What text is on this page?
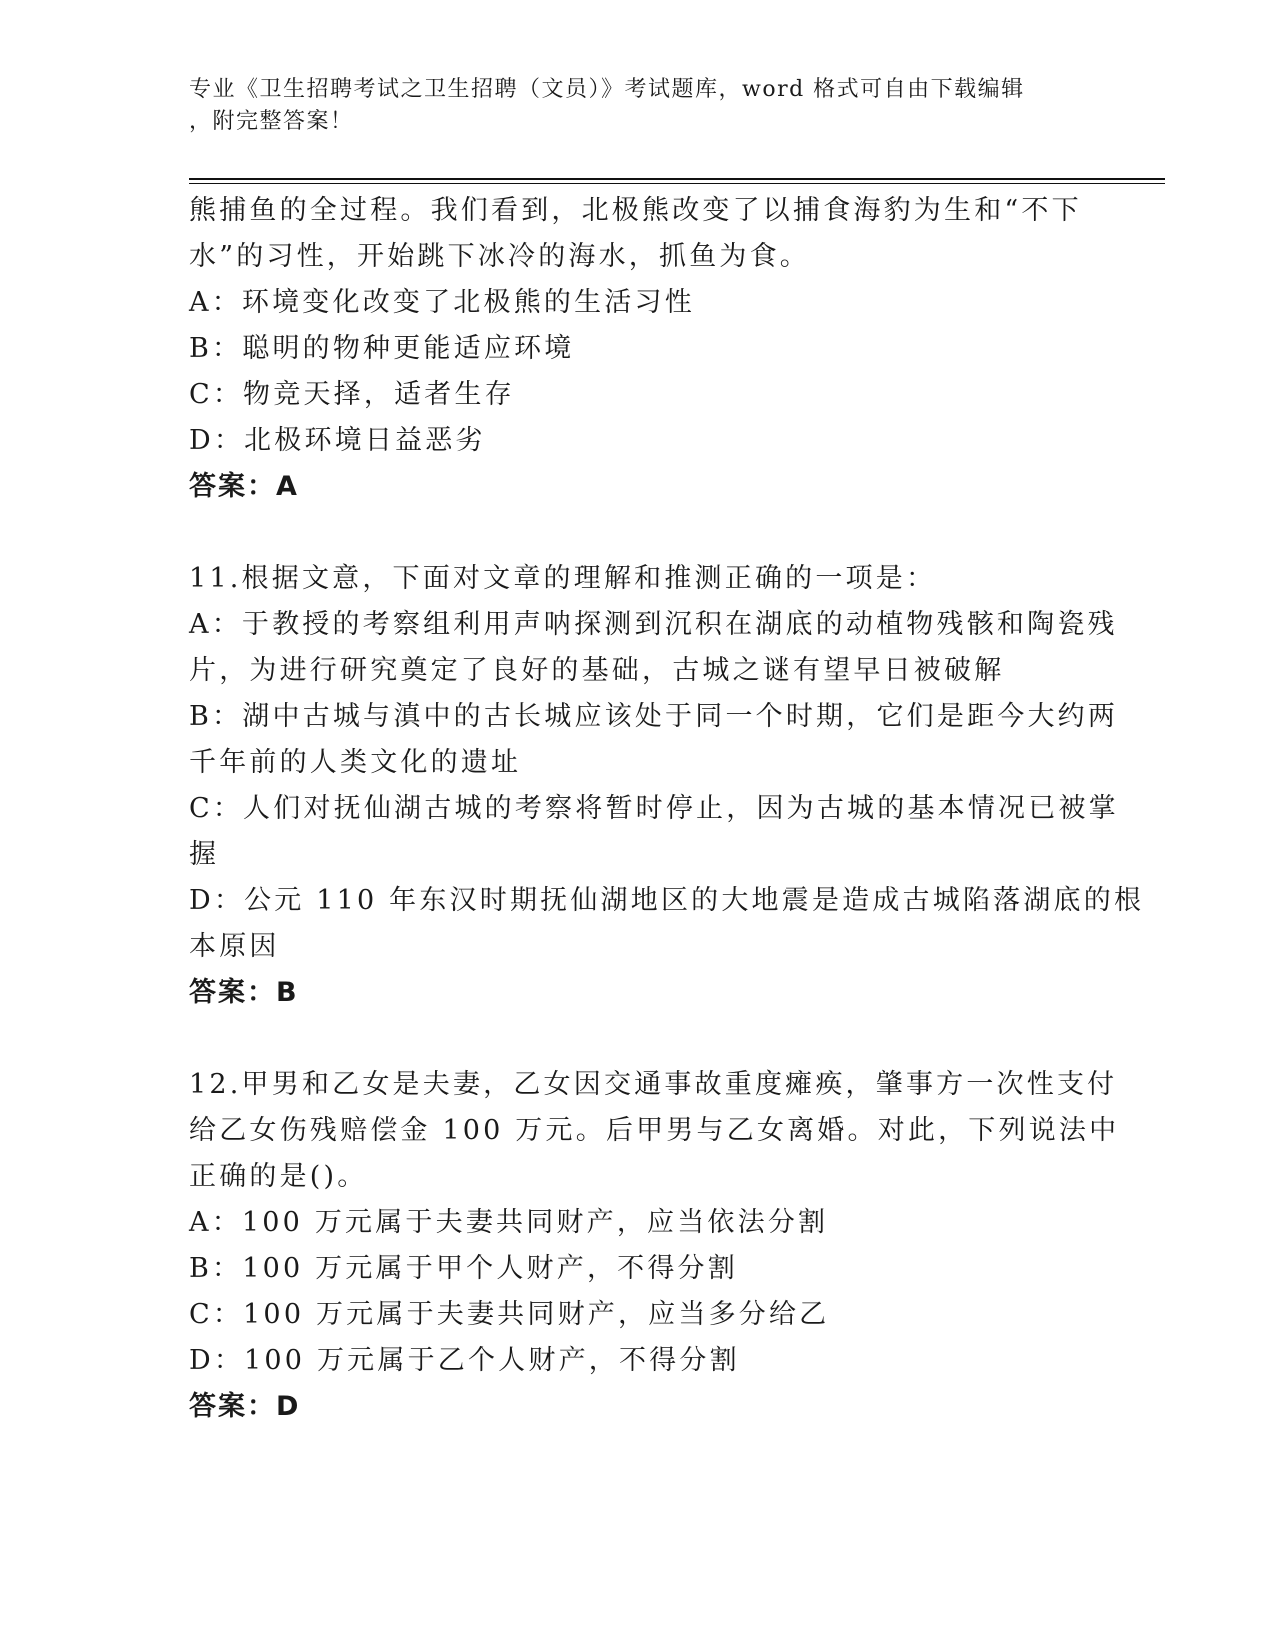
专业《卫生招聘考试之卫生招聘（文员）》考试题库，word 格式可自由下载编辑
，附完整答案！
熊捕鱼的全过程。我们看到，北极熊改变了以捕食海豹为生和“不下
水”的习性，开始跳下冰冷的海水，抓鱼为食。
A：环境变化改变了北极熊的生活习性
B：聪明的物种更能适应环境
C：物竞天择，适者生存
D：北极环境日益恶劣
答案：A
11.根据文意，下面对文章的理解和推测正确的一项是：
A：于教授的考察组利用声呐探测到沉积在湖底的动植物残骸和陶瓷残
片，为进行研究奠定了良好的基础，古城之谜有望早日被破解
B：湖中古城与滇中的古长城应该处于同一个时期，它们是距今大约两
千年前的人类文化的遗址
C：人们对抚仙湖古城的考察将暂时停止，因为古城的基本情况已被掌
握
D：公元 110 年东汉时期抚仙湖地区的大地震是造成古城陷落湖底的根
本原因
答案：B
12.甲男和乙女是夫妻，乙女因交通事故重度瘫痪，肇事方一次性支付
给乙女伤残赔偿金 100 万元。后甲男与乙女离婚。对此，下列说法中
正确的是()。
A：100 万元属于夫妻共同财产，应当依法分割
B：100 万元属于甲个人财产，不得分割
C：100 万元属于夫妻共同财产，应当多分给乙
D：100 万元属于乙个人财产，不得分割
答案：D
